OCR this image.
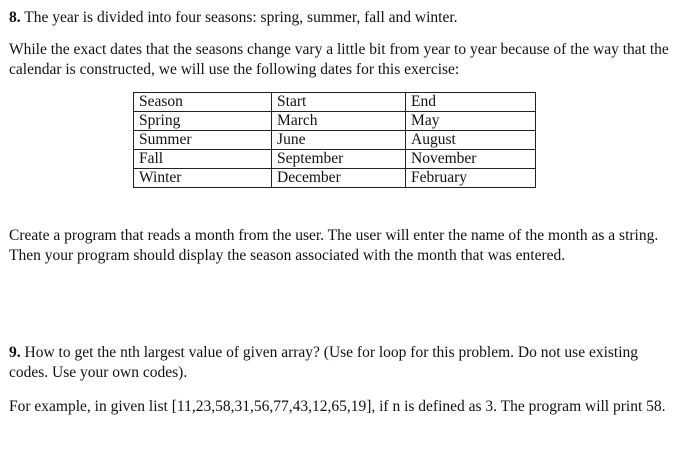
8. The year is divided into four seasons: spring, summer, fall and winter.

While the exact dates that the seasons change vary a little bit from year to year because of the way that the calendar is constructed, we will use the following dates for this exercise:

Season	Start	End
Spring	March	May
Summer	June	August
Fall	September	November
Winter	December	February

Create a program that reads a month from the user. The user will enter the name of the month as a string. Then your program should display the season associated with the month that was entered.

9. How to get the nth largest value of given array? (Use for loop for this problem. Do not use existing codes. Use your own codes).

For example, in given list [11,23,58,31,56,77,43,12,65,19], if n is defined as 3. The program will print 58.
